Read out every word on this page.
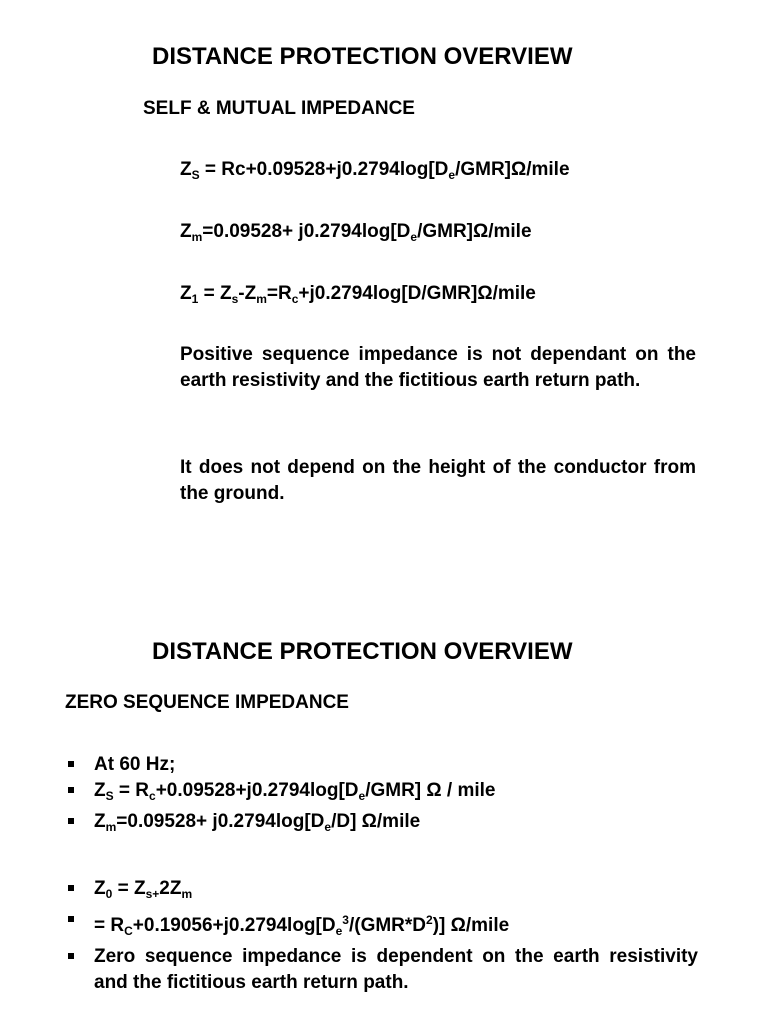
DISTANCE PROTECTION OVERVIEW
SELF & MUTUAL IMPEDANCE
$Z_S$ = $Rc+0.09528+j0.2794\log[D_e/GMR]\Omega$/mile
$Z_m=0.09528+$ $j0.2794\log[D_e/GMR]\Omega$/mile
$Z_1$ = $Z_s-Z_m=R_c+j0.2794\log[D/GMR]\Omega$/mile
Positive sequence impedance is not dependant on the earth resistivity and the fictitious earth return path.
It does not depend on the height of the conductor from the ground.
DISTANCE PROTECTION OVERVIEW
ZERO SEQUENCE IMPEDANCE
At 60 Hz;
$Z_S = R_c+0.09528+j0.2794\log[D_e/GMR]$ Ω / mile
$Z_m=0.09528+ j0.2794\log[D_e/D]$ Ω/mile
$Z_0 = Z_{s+}2Z_m$
= $R_C+0.19056+j0.2794\log[D_e^3/(GMR*D^2)]$ Ω/mile
Zero sequence impedance is dependent on the earth resistivity and the fictitious earth return path.
